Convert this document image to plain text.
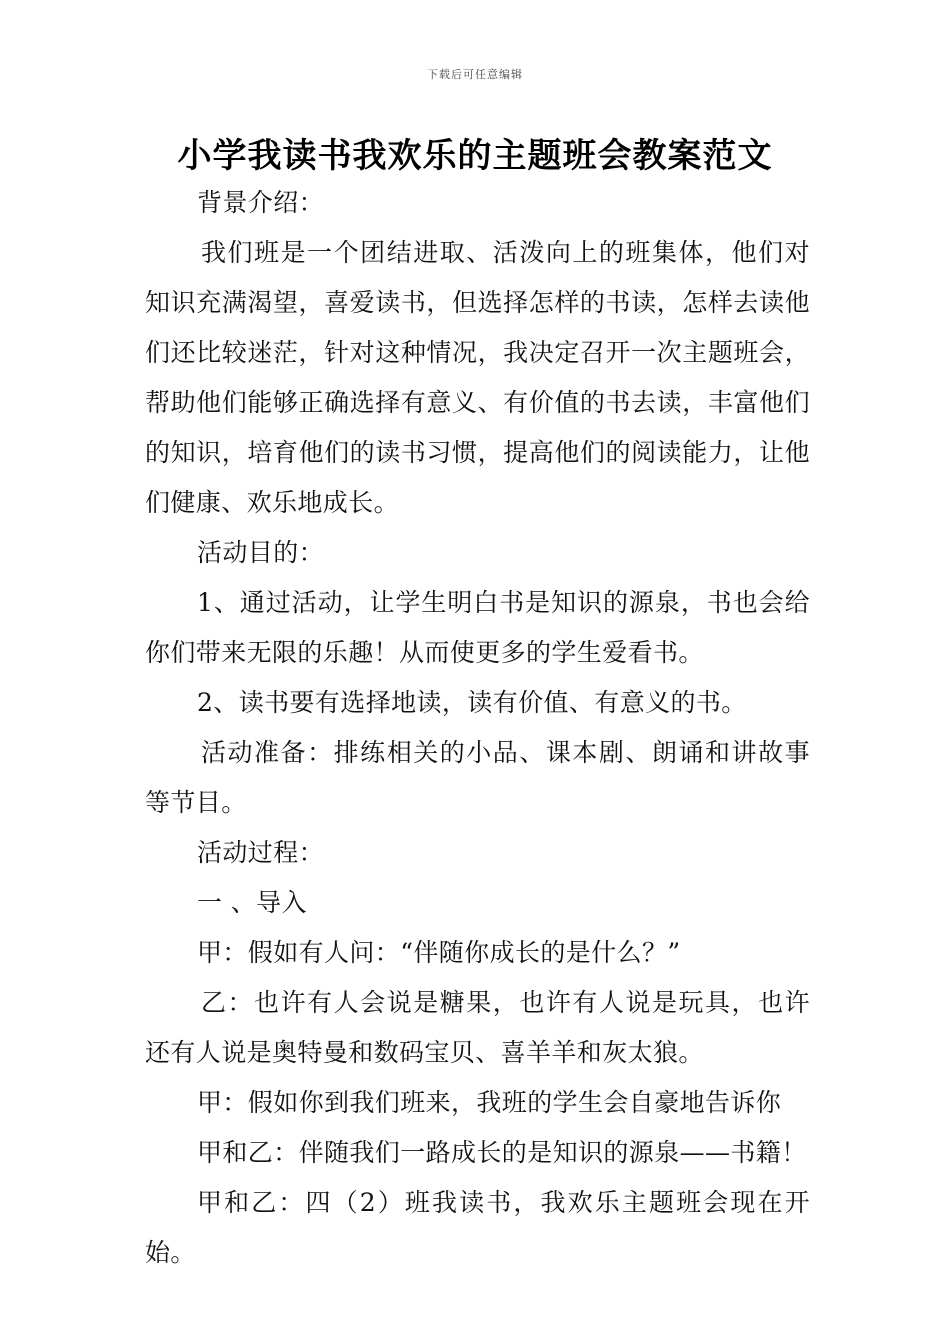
下载后可任意编辑
小学我读书我欢乐的主题班会教案范文

背景介绍：

我们班是一个团结进取、活泼向上的班集体，他们对知识充满渴望，喜爱读书，但选择怎样的书读，怎样去读他们还比较迷茫，针对这种情况，我决定召开一次主题班会，帮助他们能够正确选择有意义、有价值的书去读，丰富他们的知识，培育他们的读书习惯，提高他们的阅读能力，让他们健康、欢乐地成长。

活动目的：

1、通过活动，让学生明白书是知识的源泉，书也会给你们带来无限的乐趣！从而使更多的学生爱看书。

2、读书要有选择地读，读有价值、有意义的书。

活动准备：排练相关的小品、课本剧、朗诵和讲故事等节目。

活动过程：

一 、导入

甲：假如有人问：“伴随你成长的是什么？”

乙：也许有人会说是糖果，也许有人说是玩具，也许还有人说是奥特曼和数码宝贝、喜羊羊和灰太狼。

甲：假如你到我们班来，我班的学生会自豪地告诉你

甲和乙：伴随我们一路成长的是知识的源泉——书籍！

甲和乙：四（2）班我读书，我欢乐主题班会现在开始。
